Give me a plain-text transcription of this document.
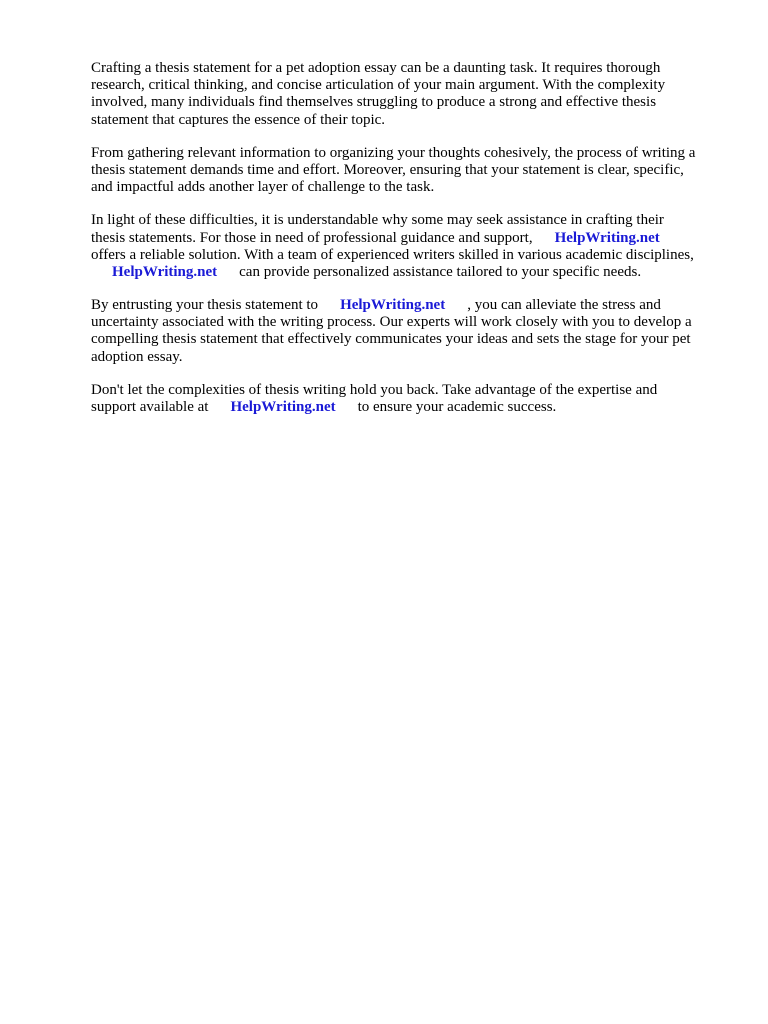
Crafting a thesis statement for a pet adoption essay can be a daunting task. It requires thorough
research, critical thinking, and concise articulation of your main argument. With the complexity
involved, many individuals find themselves struggling to produce a strong and effective thesis
statement that captures the essence of their topic.

From gathering relevant information to organizing your thoughts cohesively, the process of writing a
thesis statement demands time and effort. Moreover, ensuring that your statement is clear, specific,
and impactful adds another layer of challenge to the task.

In light of these difficulties, it is understandable why some may seek assistance in crafting their
thesis statements. For those in need of professional guidance and support, HelpWriting.net
offers a reliable solution. With a team of experienced writers skilled in various academic disciplines,
HelpWriting.net can provide personalized assistance tailored to your specific needs.

By entrusting your thesis statement to HelpWriting.net , you can alleviate the stress and
uncertainty associated with the writing process. Our experts will work closely with you to develop a
compelling thesis statement that effectively communicates your ideas and sets the stage for your pet
adoption essay.

Don't let the complexities of thesis writing hold you back. Take advantage of the expertise and
support available at HelpWriting.net to ensure your academic success.
